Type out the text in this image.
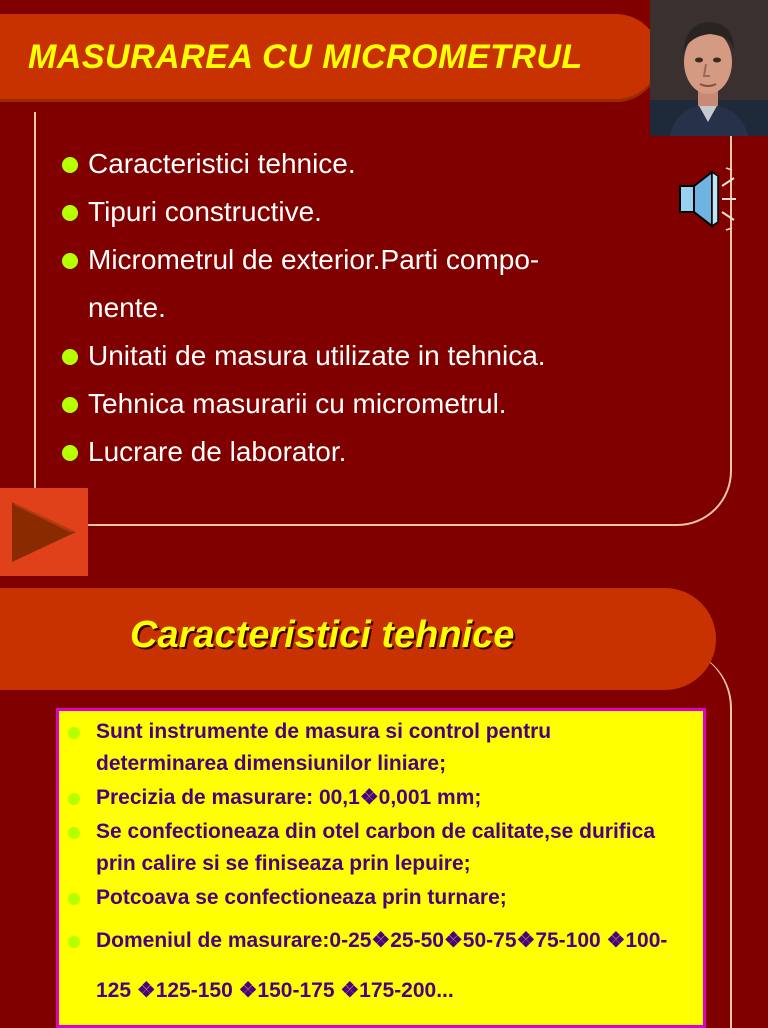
MASURAREA CU MICROMETRUL
Caracteristici tehnice.
Tipuri constructive.
Micrometrul de exterior.Parti compo-
nente.
Unitati de masura utilizate in tehnica.
Tehnica masurarii cu micrometrul.
Lucrare de laborator.
Caracteristici tehnice
Sunt instrumente de masura si control pentru determinarea dimensiunilor liniare;
Precizia de masurare: 00,1❖0,001 mm;
Se confectioneaza din otel carbon de calitate,se durifica prin calire si se finiseaza prin lepuire;
Potcoava se confectioneaza prin turnare;
Domeniul de masurare:0-25❖25-50❖50-75❖75-100 ❖100-125 ❖125-150 ❖150-175 ❖175-200...
